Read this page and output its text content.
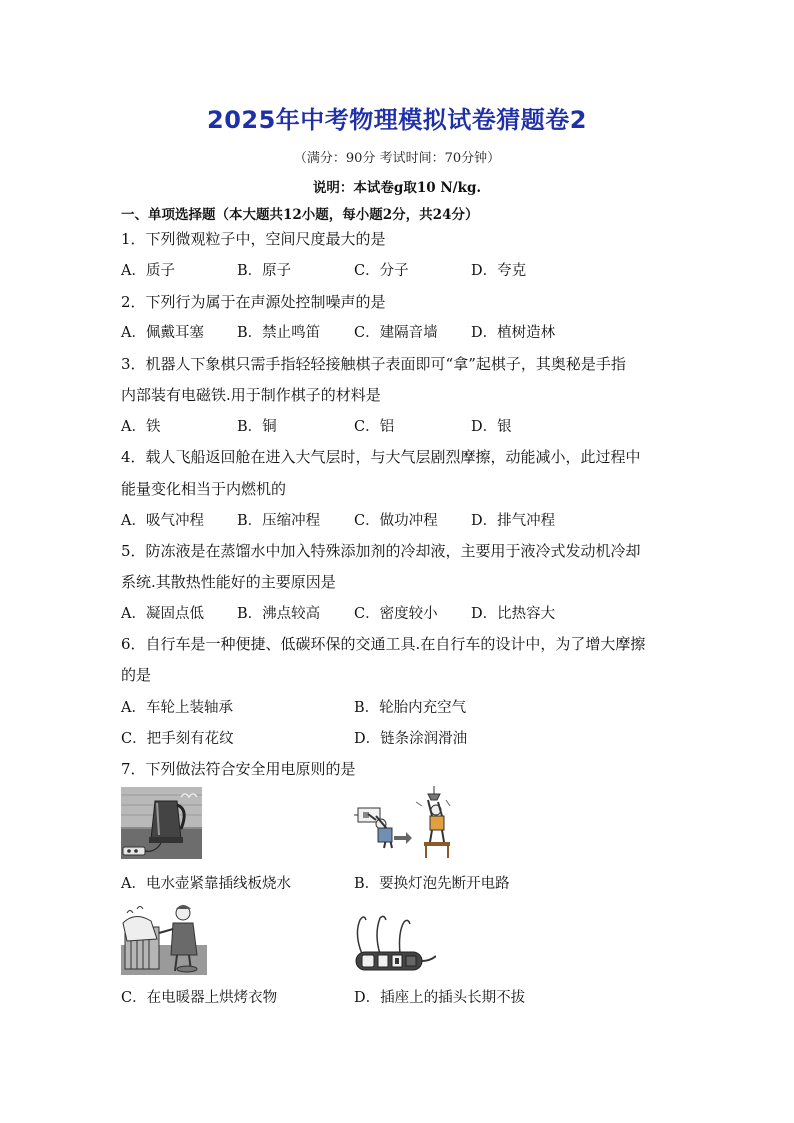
2025年中考物理模拟试卷猜题卷2
（满分：90分 考试时间：70分钟）
说明：本试卷g取10 N/kg.
一、单项选择题（本大题共12小题，每小题2分，共24分）
1．下列微观粒子中，空间尺度最大的是
A．质子	B．原子	C．分子	D．夸克
2．下列行为属于在声源处控制噪声的是
A．佩戴耳塞 B．禁止鸣笛 C．建隔音墙 D．植树造林
3．机器人下象棋只需手指轻轻接触棋子表面即可“拿”起棋子，其奥秘是手指
内部装有电磁铁.用于制作棋子的材料是
A．铁	B．铜	C．铝	D．银
4．载人飞船返回舱在进入大气层时，与大气层剧烈摩擦，动能减小，此过程中
能量变化相当于内燃机的
A．吸气冲程 B．压缩冲程 C．做功冲程 D．排气冲程
5．防冻液是在蒸馏水中加入特殊添加剂的冷却液，主要用于液冷式发动机冷却
系统.其散热性能好的主要原因是
A．凝固点低 B．沸点较高 C．密度较小 D．比热容大
6．自行车是一种便捷、低碳环保的交通工具.在自行车的设计中，为了增大摩擦
的是
A．车轮上装轴承	B．轮胎内充空气
C．把手刻有花纹	D．链条涂润滑油
7．下列做法符合安全用电原则的是
A．电水壶紧靠插线板烧水	B．要换灯泡先断开电路
C．在电暖器上烘烤衣物	D．插座上的插头长期不拔
